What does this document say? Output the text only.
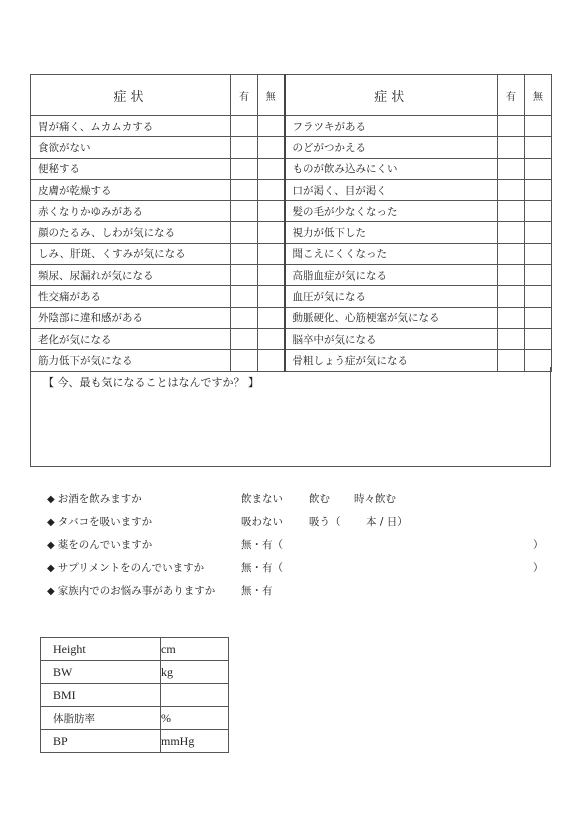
症状	有	無	症状	有	無
胃が痛く、ムカムカする			フラツキがある		
食欲がない			のどがつかえる		
便秘する			ものが飲み込みにくい		
皮膚が乾燥する			口が渇く、目が渇く		
赤くなりかゆみがある			髪の毛が少なくなった		
顔のたるみ、しわが気になる			視力が低下した		
しみ、肝斑、くすみが気になる			聞こえにくくなった		
頻尿、尿漏れが気になる			高脂血症が気になる		
性交痛がある			血圧が気になる		
外陰部に違和感がある			動脈硬化、心筋梗塞が気になる		
老化が気になる			脳卒中が気になる		
筋力低下が気になる			骨粗しょう症が気になる		
【 今、最も気になることはなんですか？ 】
◆ お酒を飲みますか	飲まない 飲む 時々飲む
◆ タバコを吸いますか	吸わない 吸う（ 本 / 日）
◆ 薬をのんでいますか	無・有（	）
◆ サプリメントをのんでいますか	無・有（	）
◆ 家族内でのお悩み事がありますか 無・有
Height	cm
BW	kg
BMI	
体脂肪率	%
BP	mmHg
